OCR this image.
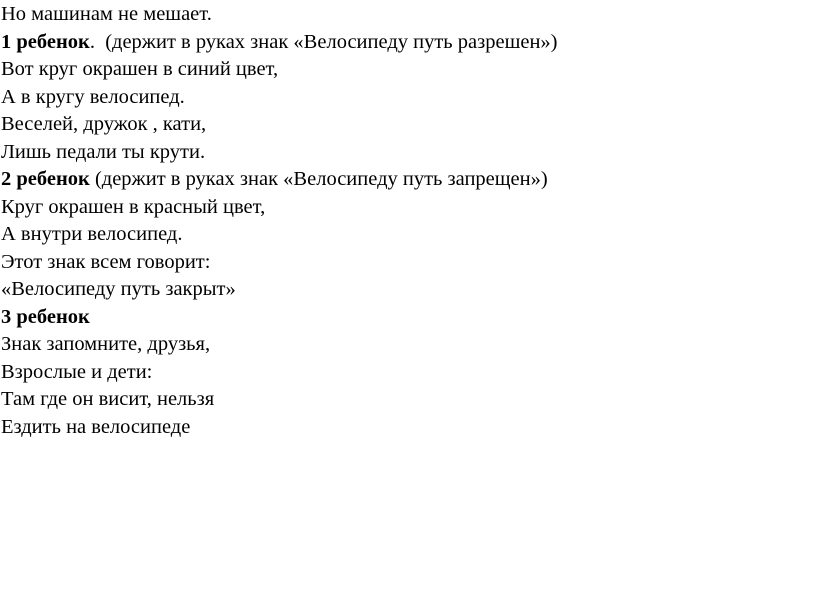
Но машинам не мешает.
1 ребенок.  (держит в руках знак «Велосипеду путь разрешен»)
Вот круг окрашен в синий цвет,
А в кругу велосипед.
Веселей, дружок , кати,
Лишь педали ты крути.
2 ребенок (держит в руках знак «Велосипеду путь запрещен»)
Круг окрашен в красный цвет,
А внутри велосипед.
Этот знак всем говорит:
«Велосипеду путь закрыт»
3 ребенок
Знак запомните, друзья,
Взрослые и дети:
Там где он висит, нельзя
Ездить на велосипеде
